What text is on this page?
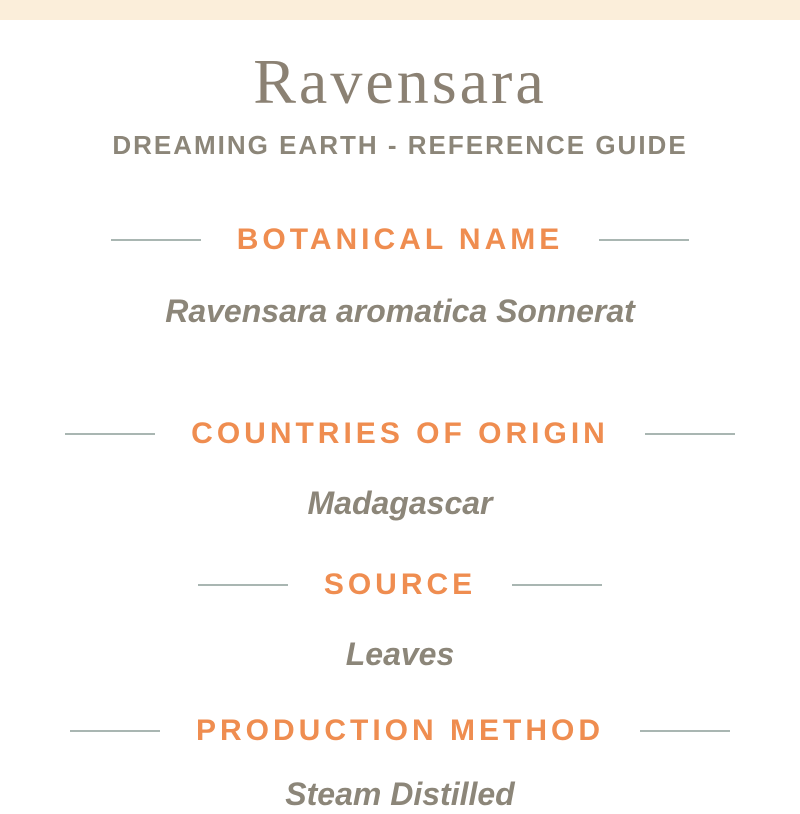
Ravensara
DREAMING EARTH - REFERENCE GUIDE
BOTANICAL NAME

Ravensara aromatica Sonnerat

COUNTRIES OF ORIGIN

Madagascar

SOURCE

Leaves

PRODUCTION METHOD

Steam Distilled
